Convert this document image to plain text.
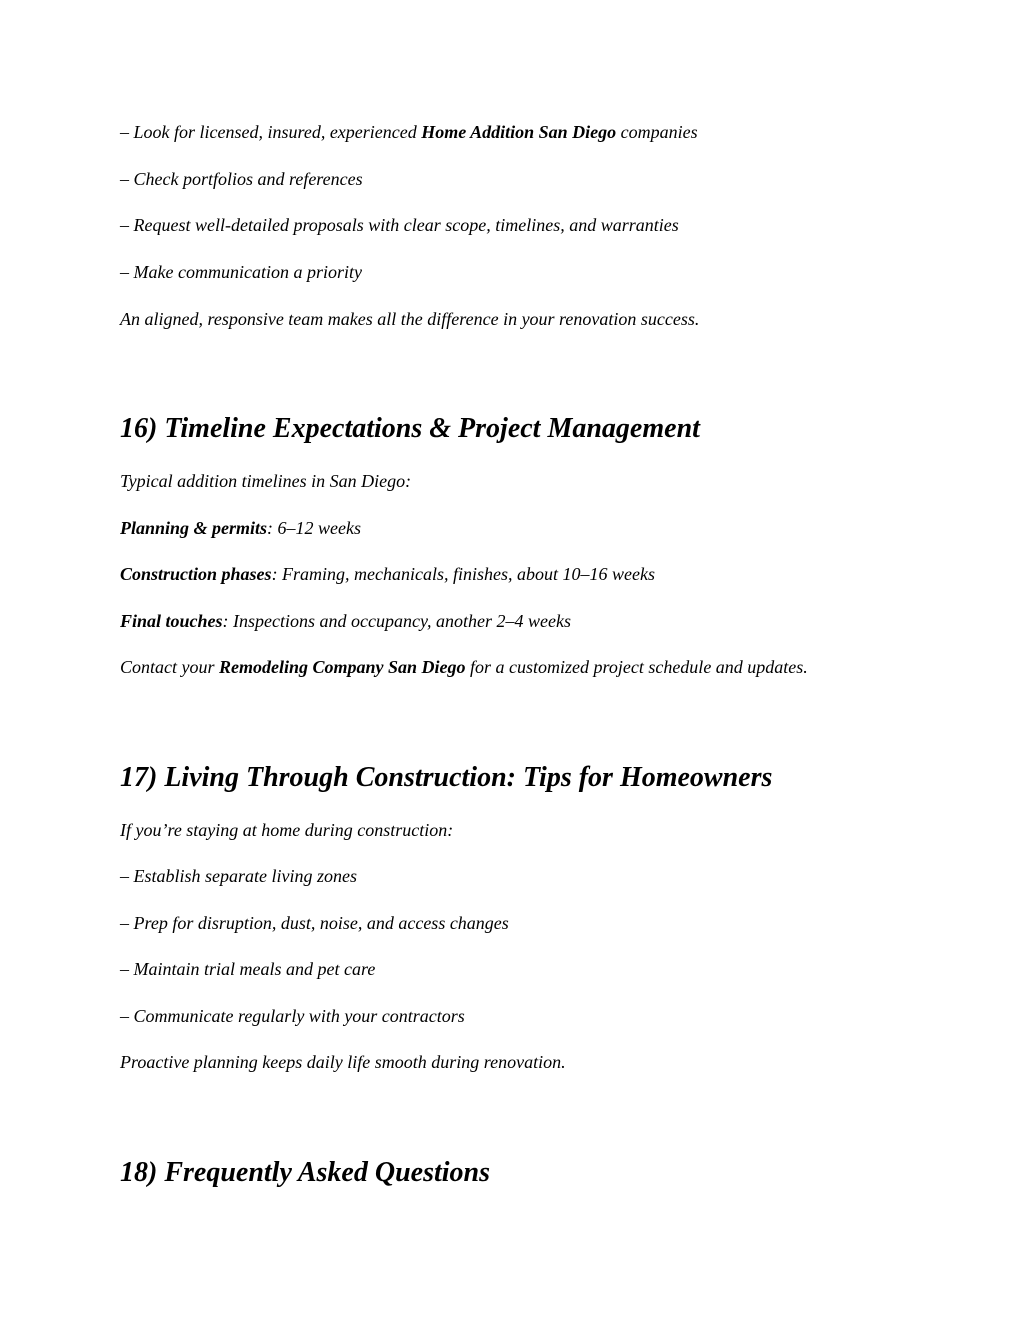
– Look for licensed, insured, experienced Home Addition San Diego companies
– Check portfolios and references
– Request well-detailed proposals with clear scope, timelines, and warranties
– Make communication a priority
An aligned, responsive team makes all the difference in your renovation success.
16) Timeline Expectations & Project Management
Typical addition timelines in San Diego:
Planning & permits: 6–12 weeks
Construction phases: Framing, mechanicals, finishes, about 10–16 weeks
Final touches: Inspections and occupancy, another 2–4 weeks
Contact your Remodeling Company San Diego for a customized project schedule and updates.
17) Living Through Construction: Tips for Homeowners
If you’re staying at home during construction:
– Establish separate living zones
– Prep for disruption, dust, noise, and access changes
– Maintain trial meals and pet care
– Communicate regularly with your contractors
Proactive planning keeps daily life smooth during renovation.
18) Frequently Asked Questions
